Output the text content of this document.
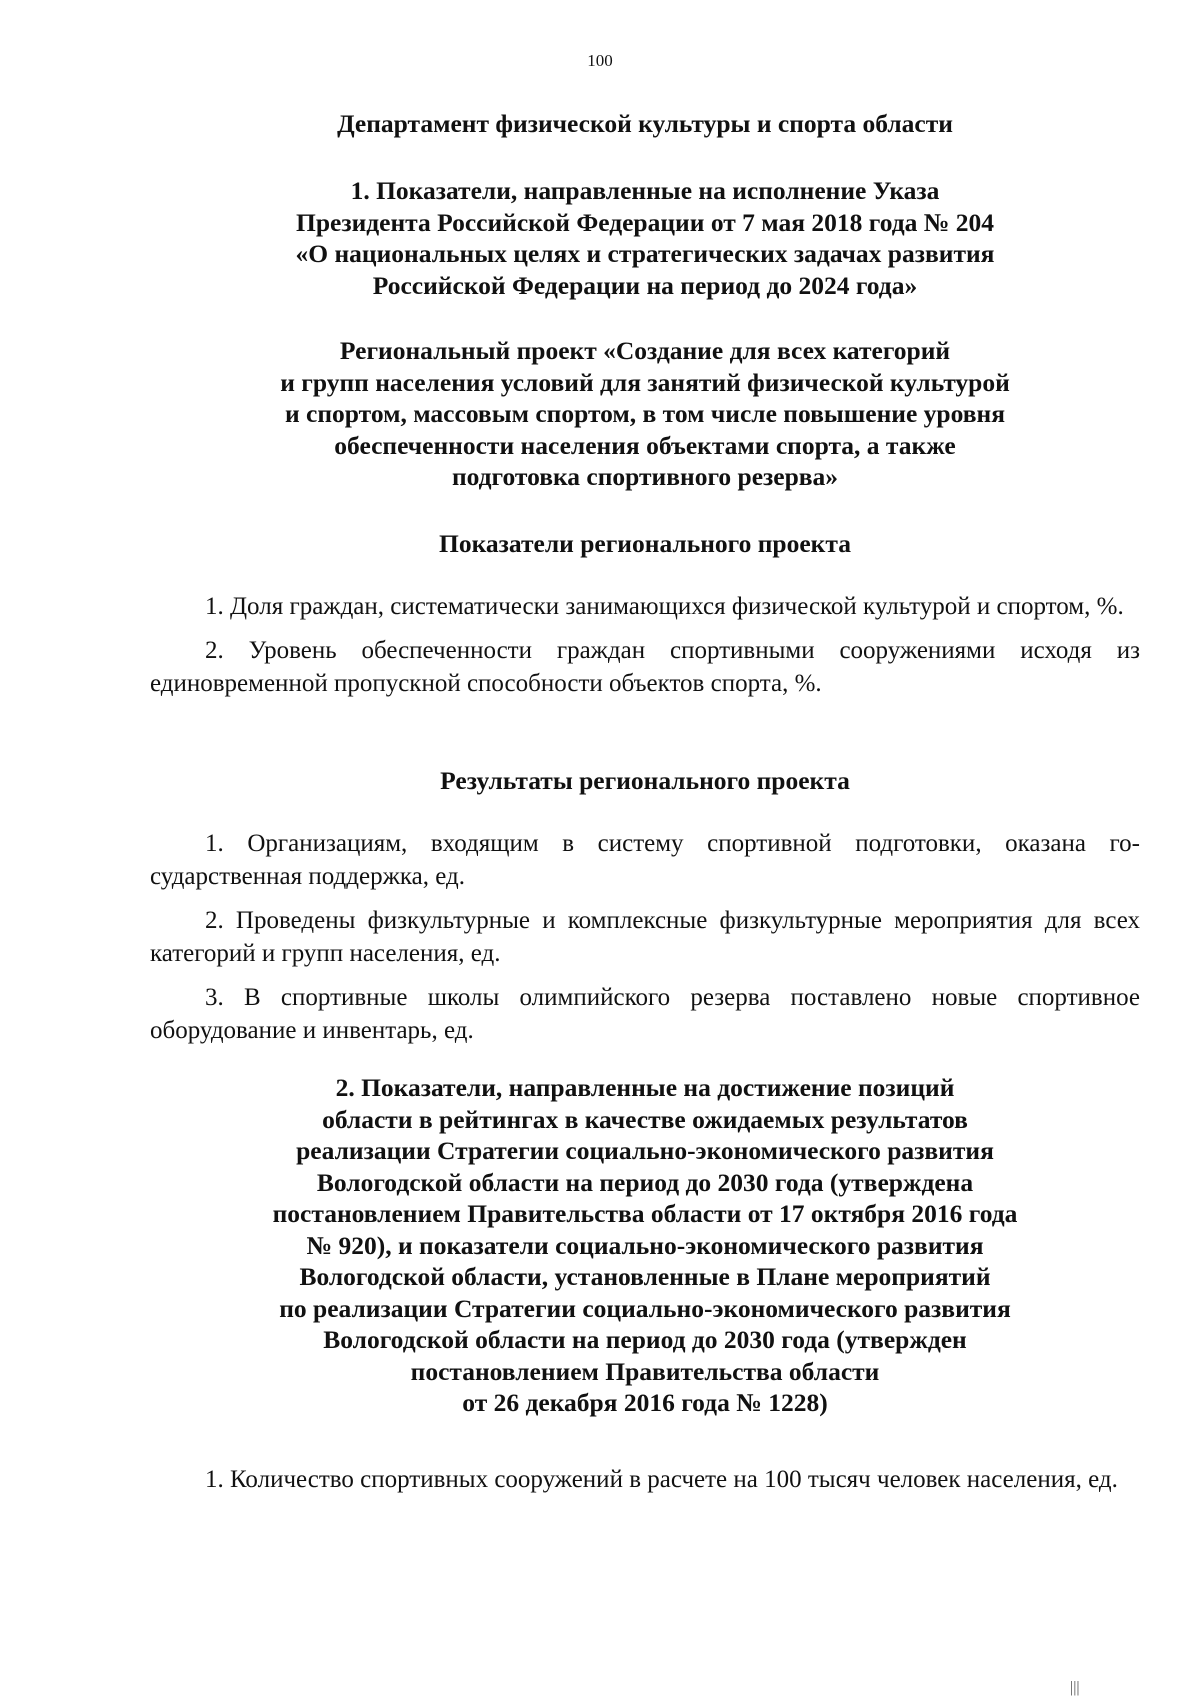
100
Департамент физической культуры и спорта области
1. Показатели, направленные на исполнение Указа
Президента Российской Федерации от 7 мая 2018 года № 204
«О национальных целях и стратегических задачах развития
Российской Федерации на период до 2024 года»
Региональный проект «Создание для всех категорий
и групп населения условий для занятий физической культурой
и спортом, массовым спортом, в том числе повышение уровня
обеспеченности населения объектами спорта, а также
подготовка спортивного резерва»
Показатели регионального проекта

1. Доля граждан, систематически занимающихся физической культурой и спортом, %.

2. Уровень обеспеченности граждан спортивными сооружениями исходя из единовременной пропускной способности объектов спорта, %.

Результаты регионального проекта

1. Организациям, входящим в систему спортивной подготовки, оказана государственная поддержка, ед.

2. Проведены физкультурные и комплексные физкультурные мероприятия для всех категорий и групп населения, ед.

3. В спортивные школы олимпийского резерва поставлено новые спортивное оборудование и инвентарь, ед.

2. Показатели, направленные на достижение позиций
области в рейтингах в качестве ожидаемых результатов
реализации Стратегии социально-экономического развития
Вологодской области на период до 2030 года (утверждена
постановлением Правительства области от 17 октября 2016 года
№ 920), и показатели социально-экономического развития
Вологодской области, установленные в Плане мероприятий
по реализации Стратегии социально-экономического развития
Вологодской области на период до 2030 года (утвержден
постановлением Правительства области
от 26 декабря 2016 года № 1228)

1. Количество спортивных сооружений в расчете на 100 тысяч человек населения, ед.

|||
